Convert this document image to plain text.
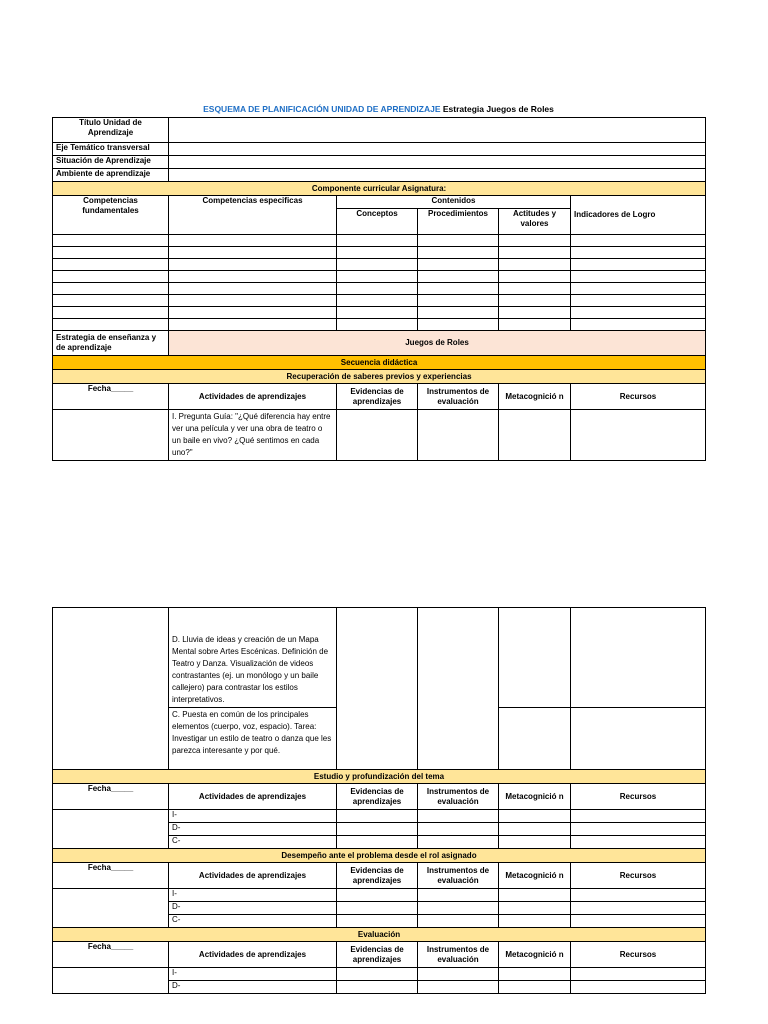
ESQUEMA DE PLANIFICACIÓN UNIDAD DE APRENDIZAJE Estrategia Juegos de Roles
Título Unidad de Aprendizaje					
Eje Temático transversal					
Situación de Aprendizaje					
Ambiente de aprendizaje					
Componente curricular Asignatura:					
Competencias fundamentales	Competencias especificas	Contenidos			Indicadores de Logro
		Conceptos	Procedimientos	Actitudes y valores	

Estrategia de enseñanza y de aprendizaje	Juegos de Roles				
Secuencia didáctica					
Recuperación de saberes previos y experiencias					
Fecha_____	Actividades de aprendizajes	Evidencias de aprendizajes	Instrumentos de evaluación	Metacognició n	Recursos
	I. Pregunta Guía: "¿Qué diferencia hay entre ver una película y ver una obra de teatro o un baile en vivo? ¿Qué sentimos en cada uno?"				
	D. Lluvia de ideas y creación de un Mapa Mental sobre Artes Escénicas. Definición de Teatro y Danza. Visualización de videos contrastantes (ej. un monólogo y un baile callejero) para contrastar los estilos interpretativos.				
	C. Puesta en común de los principales elementos (cuerpo, voz, espacio). Tarea: Investigar un estilo de teatro o danza que les parezca interesante y por qué.				
Estudio y profundización del tema					
Fecha_____	Actividades de aprendizajes	Evidencias de aprendizajes	Instrumentos de evaluación	Metacognició n	Recursos
	I-				
	D-				
	C-				
Desempeño ante el problema desde el rol asignado					
Fecha_____	Actividades de aprendizajes	Evidencias de aprendizajes	Instrumentos de evaluación	Metacognició n	Recursos
	I-				
	D-				
	C-				
Evaluación					
Fecha_____	Actividades de aprendizajes	Evidencias de aprendizajes	Instrumentos de evaluación	Metacognició n	Recursos
	I-				
	D-				
